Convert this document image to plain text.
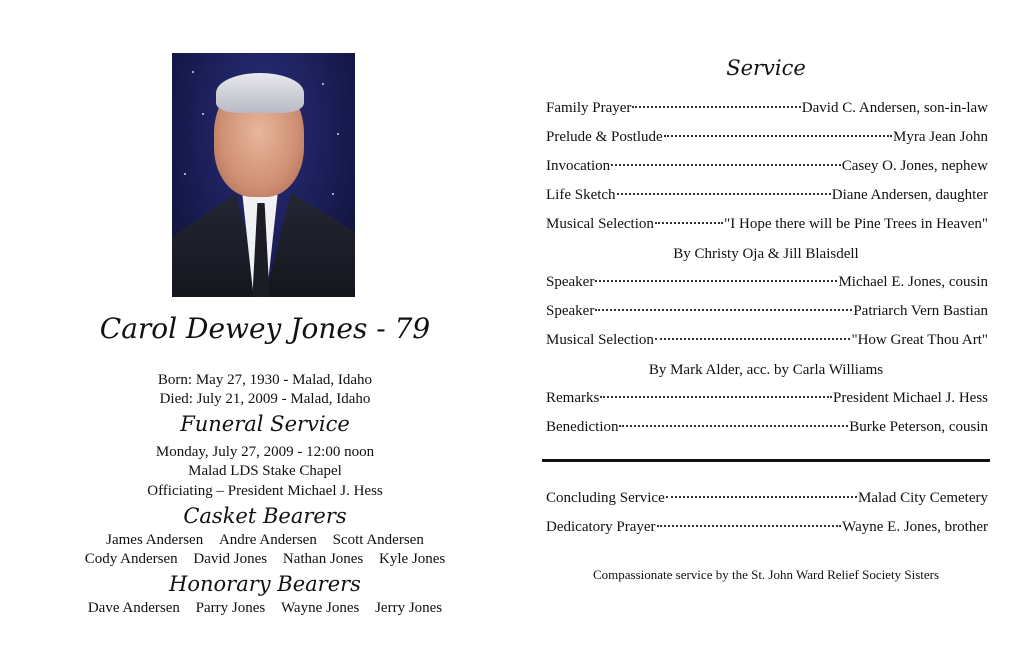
Carol Dewey Jones - 79
Born: May 27, 1930 - Malad, Idaho
Died: July 21, 2009 - Malad, Idaho
Funeral Service
Monday, July 27, 2009 - 12:00 noon
Malad LDS Stake Chapel
Officiating – President Michael J. Hess
Casket Bearers
James Andersen Andre Andersen Scott Andersen
Cody Andersen David Jones Nathan Jones Kyle Jones
Honorary Bearers
Dave Andersen Parry Jones Wayne Jones Jerry Jones
Service
Family Prayer	David C. Andersen, son-in-law
Prelude & Postlude	Myra Jean John
Invocation	Casey O. Jones, nephew
Life Sketch	Diane Andersen, daughter
Musical Selection	"I Hope there will be Pine Trees in Heaven"
By Christy Oja & Jill Blaisdell
Speaker	Michael E. Jones, cousin
Speaker	Patriarch Vern Bastian
Musical Selection	"How Great Thou Art"
By Mark Alder, acc. by Carla Williams
Remarks	President Michael J. Hess
Benediction	Burke Peterson, cousin
Concluding Service	Malad City Cemetery
Dedicatory Prayer	Wayne E. Jones, brother
Compassionate service by the St. John Ward Relief Society Sisters
